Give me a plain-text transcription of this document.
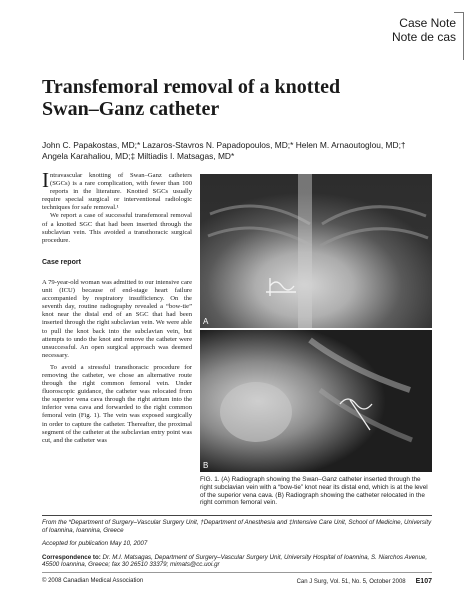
Case Note
Note de cas
Transfemoral removal of a knotted
Swan–Ganz catheter
John C. Papakostas, MD;* Lazaros-Stavros N. Papadopoulos, MD;* Helen M. Arnaoutoglou, MD;†
Angela Karahaliou, MD;‡ Miltiadis I. Matsagas, MD*

Intravascular knotting of Swan–Ganz catheters (SGCs) is a rare complication, with fewer than 100 reports in the literature. Knotted SGCs usually require special surgical or interventional radiologic techniques for safe removal.¹

We report a case of successful transfemoral removal of a knotted SGC that had been inserted through the subclavian vein. This avoided a transthoracic surgical procedure.

Case report

A 79-year-old woman was admitted to our intensive care unit (ICU) because of end-stage heart failure accompanied by respiratory insufficiency. On the seventh day, routine radiography revealed a “bow-tie” knot near the distal end of an SGC that had been inserted through the right subclavian vein. We were able to pull the knot back into the subclavian vein, but attempts to undo the knot and remove the catheter were unsuccessful. An open surgical approach was deemed necessary.

To avoid a stressful transthoracic procedure for removing the catheter, we chose an alternative route through the right common femoral vein. Under fluoroscopic guidance, the catheter was relocated from the superior vena cava through the right atrium into the inferior vena cava and forwarded to the right common femoral vein (Fig. 1). The vein was exposed surgically in order to capture the catheter. Thereafter, the proximal segment of the catheter at the subclavian entry point was cut, and the catheter was

A
B
FIG. 1. (A) Radiograph showing the Swan–Ganz catheter inserted through the right subclavian vein with a “bow-tie” knot near its distal end, which is at the level of the superior vena cava. (B) Radiograph showing the catheter relocated in the right common femoral vein.

From the *Department of Surgery–Vascular Surgery Unit, †Department of Anesthesia and ‡Intensive Care Unit, School of Medicine, University of Ioannina, Ioannina, Greece

Accepted for publication May 10, 2007

Correspondence to: Dr. M.I. Matsagas, Department of Surgery–Vascular Surgery Unit, University Hospital of Ioannina, S. Niarchos Avenue, 45500 Ioannina, Greece; fax 30 26510 33379; mimats@cc.uoi.gr

© 2008 Canadian Medical Association	Can J Surg, Vol. 51, No. 5, October 2008 E107
